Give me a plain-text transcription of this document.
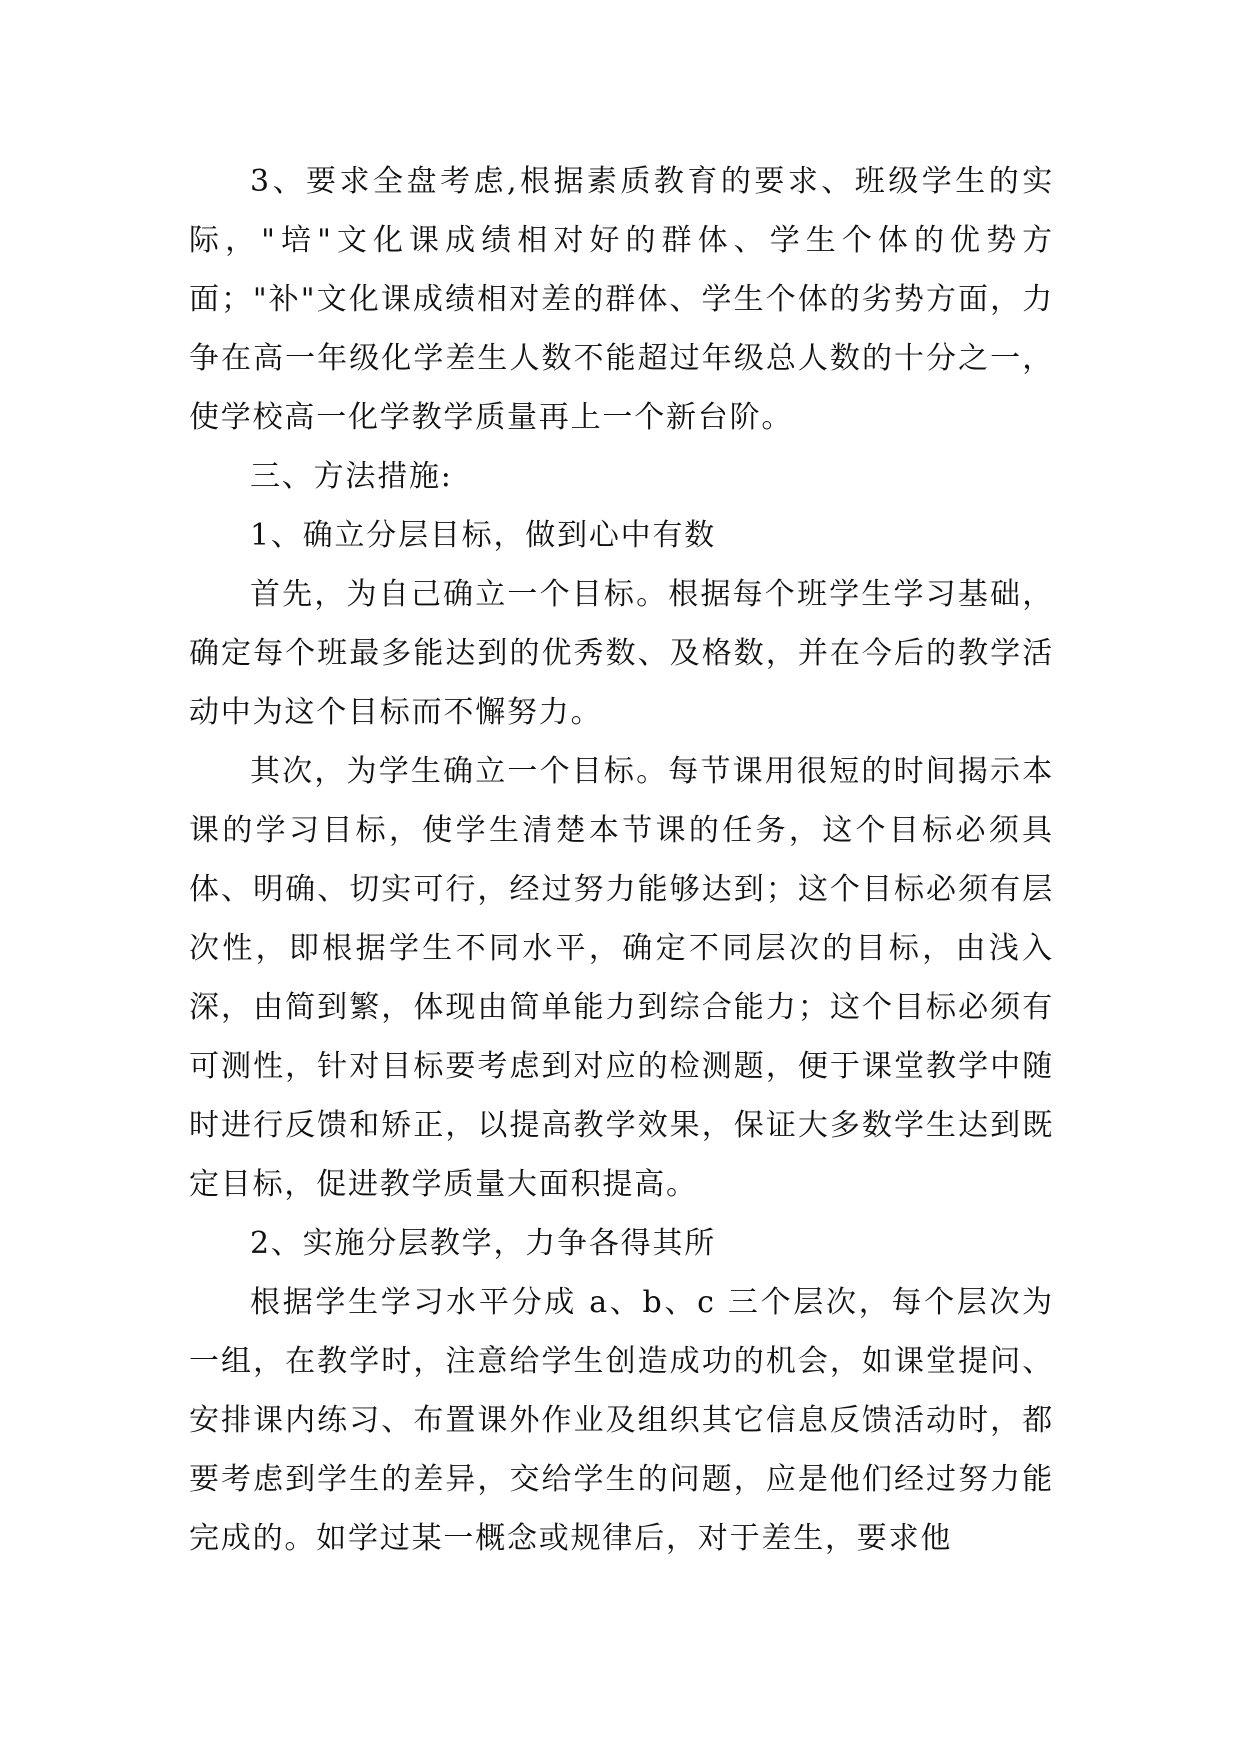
3、要求全盘考虑,根据素质教育的要求、班级学生的实际，"培"文化课成绩相对好的群体、学生个体的优势方面；"补"文化课成绩相对差的群体、学生个体的劣势方面，力争在高一年级化学差生人数不能超过年级总人数的十分之一，使学校高一化学教学质量再上一个新台阶。

三、方法措施:

1、确立分层目标，做到心中有数

首先，为自己确立一个目标。根据每个班学生学习基础，确定每个班最多能达到的优秀数、及格数，并在今后的教学活动中为这个目标而不懈努力。

其次，为学生确立一个目标。每节课用很短的时间揭示本课的学习目标，使学生清楚本节课的任务，这个目标必须具体、明确、切实可行，经过努力能够达到；这个目标必须有层次性，即根据学生不同水平，确定不同层次的目标，由浅入深，由简到繁，体现由简单能力到综合能力；这个目标必须有可测性，针对目标要考虑到对应的检测题，便于课堂教学中随时进行反馈和矫正，以提高教学效果，保证大多数学生达到既定目标，促进教学质量大面积提高。

2、实施分层教学，力争各得其所

根据学生学习水平分成 a、b、c 三个层次，每个层次为一组，在教学时，注意给学生创造成功的机会，如课堂提问、安排课内练习、布置课外作业及组织其它信息反馈活动时，都要考虑到学生的差异，交给学生的问题，应是他们经过努力能完成的。如学过某一概念或规律后，对于差生，要求他
